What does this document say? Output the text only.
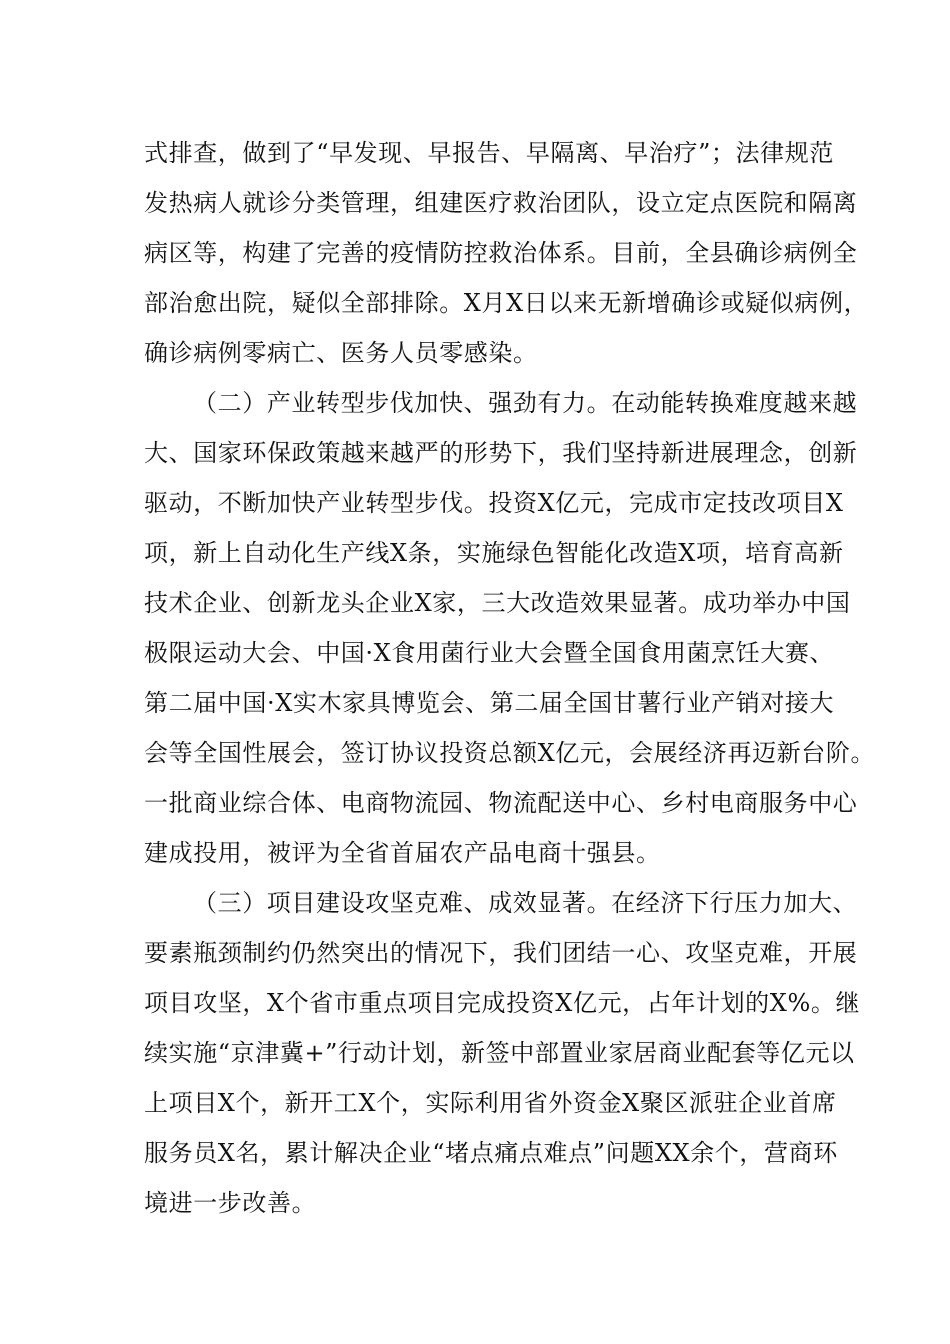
式排查，做到了“早发现、早报告、早隔离、早治疗”；法律规范
发热病人就诊分类管理，组建医疗救治团队，设立定点医院和隔离
病区等，构建了完善的疫情防控救治体系。目前，全县确诊病例全
部治愈出院，疑似全部排除。X月X日以来无新增确诊或疑似病例，
确诊病例零病亡、医务人员零感染。
（二）产业转型步伐加快、强劲有力。在动能转换难度越来越
大、国家环保政策越来越严的形势下，我们坚持新进展理念，创新
驱动，不断加快产业转型步伐。投资X亿元，完成市定技改项目X
项，新上自动化生产线X条，实施绿色智能化改造X项，培育高新
技术企业、创新龙头企业X家，三大改造效果显著。成功举办中国
极限运动大会、中国·X食用菌行业大会暨全国食用菌烹饪大赛、
第二届中国·X实木家具博览会、第二届全国甘薯行业产销对接大
会等全国性展会，签订协议投资总额X亿元，会展经济再迈新台阶。
一批商业综合体、电商物流园、物流配送中心、乡村电商服务中心
建成投用，被评为全省首届农产品电商十强县。
（三）项目建设攻坚克难、成效显著。在经济下行压力加大、
要素瓶颈制约仍然突出的情况下，我们团结一心、攻坚克难，开展
项目攻坚，X个省市重点项目完成投资X亿元，占年计划的X%。继
续实施“京津冀+”行动计划，新签中部置业家居商业配套等亿元以
上项目X个，新开工X个，实际利用省外资金X聚区派驻企业首席
服务员X名，累计解决企业“堵点痛点难点”问题XX余个，营商环
境进一步改善。
